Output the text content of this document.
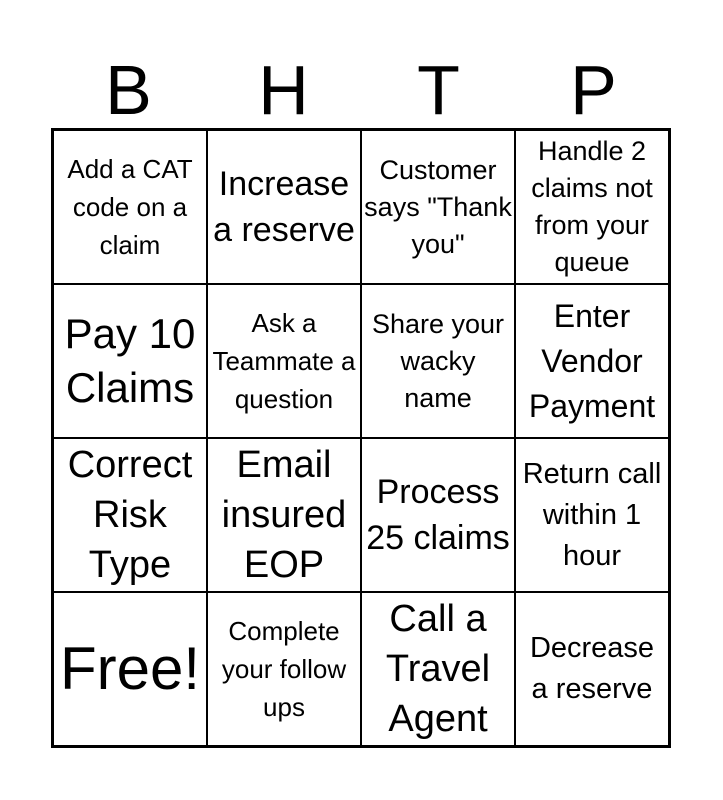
B	H	T	P
Add a CAT code on a claim
Increase a reserve
Customer says "Thank you"
Handle 2 claims not from your queue
Pay 10 Claims
Ask a Teammate a question
Share your wacky name
Enter Vendor Payment
Correct Risk Type
Email insured EOP
Process 25 claims
Return call within 1 hour
Free!
Complete your follow ups
Call a Travel Agent
Decrease a reserve
